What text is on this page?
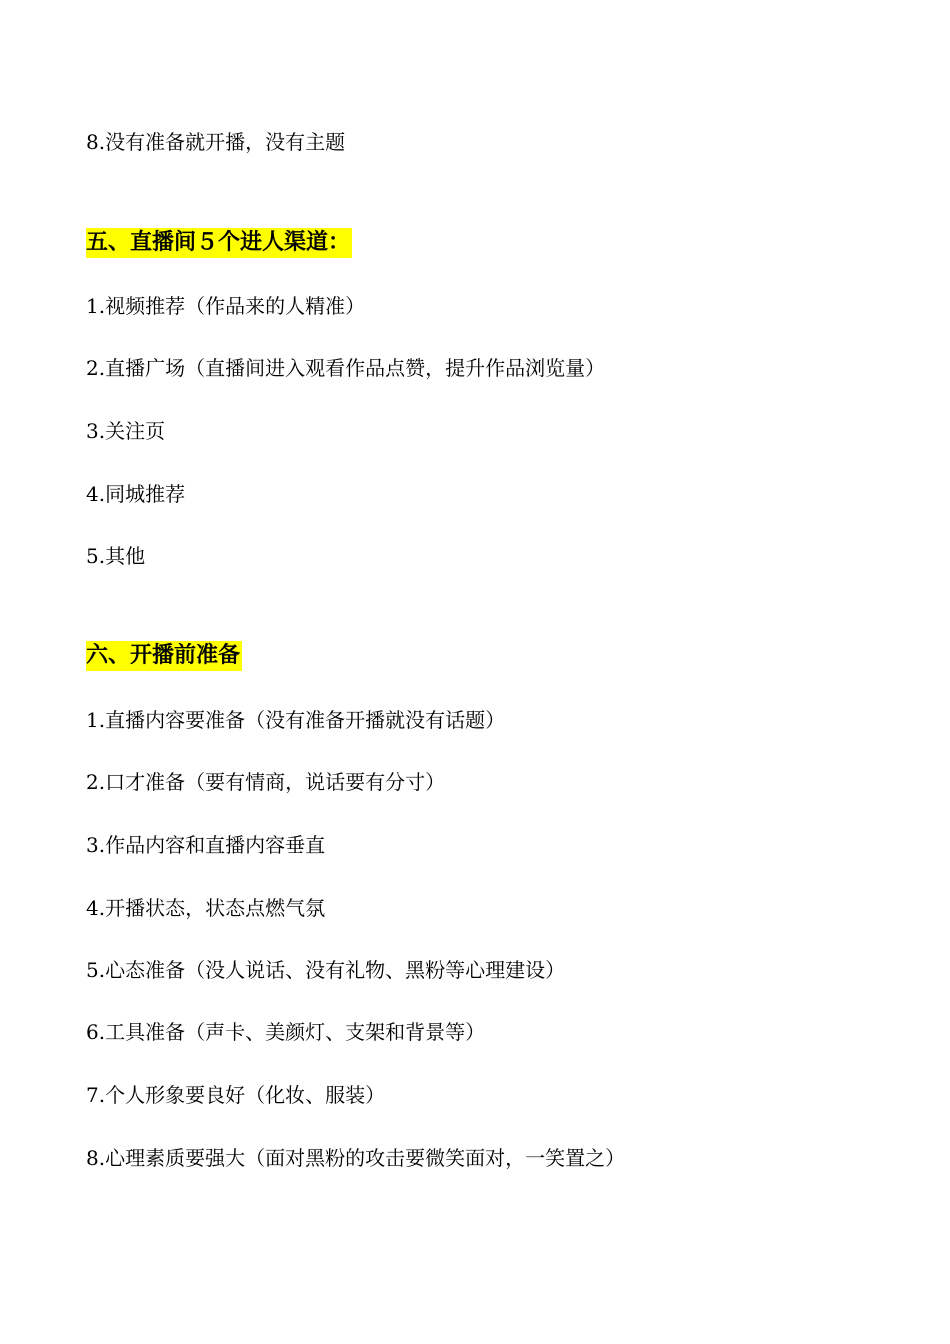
8.没有准备就开播，没有主题
五、直播间５个进人渠道：
1.视频推荐（作品来的人精准）
2.直播广场（直播间进入观看作品点赞，提升作品浏览量）
3.关注页
4.同城推荐
5.其他
六、开播前准备
1.直播内容要准备（没有准备开播就没有话题）
2.口才准备（要有情商，说话要有分寸）
3.作品内容和直播内容垂直
4.开播状态，状态点燃气氛
5.心态准备（没人说话、没有礼物、黑粉等心理建设）
6.工具准备（声卡、美颜灯、支架和背景等）
7.个人形象要良好（化妆、服装）
8.心理素质要强大（面对黑粉的攻击要微笑面对，一笑置之）
